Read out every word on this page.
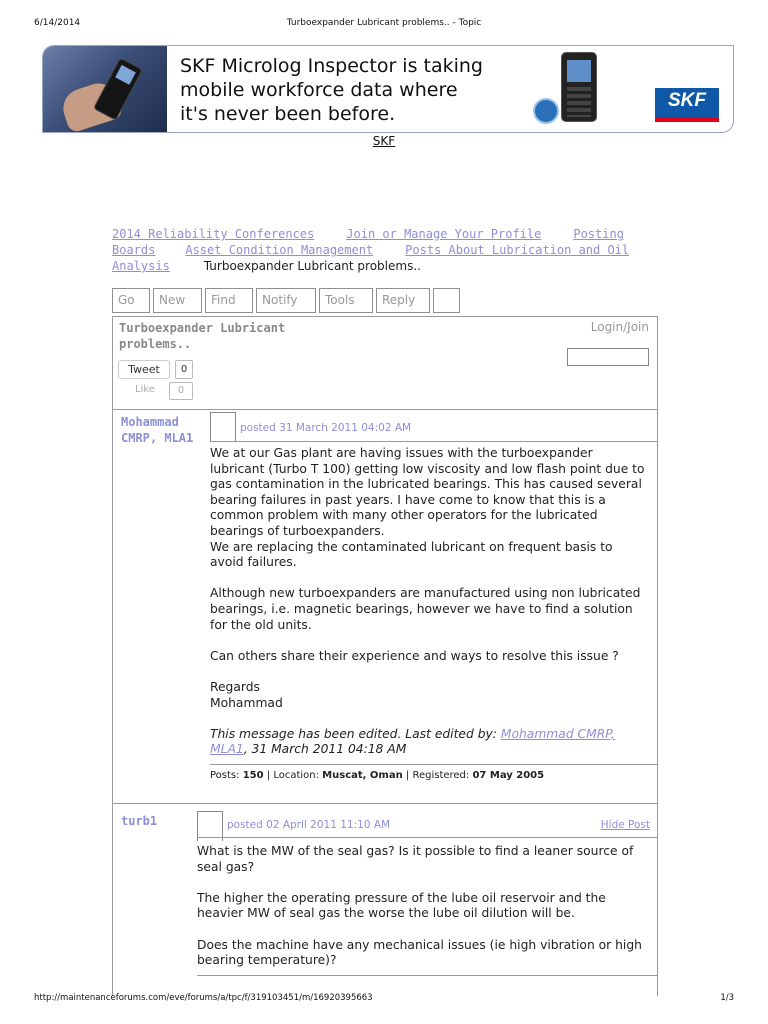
6/14/2014	Turboexpander Lubricant problems.. - Topic
SKF Microlog Inspector is taking mobile workforce data where it's never been before.
SKF
SKF
2014 Reliability Conferences	Join or Manage Your Profile	Posting Boards Asset Condition Management	Posts About Lubrication and Oil Analysis	Turboexpander Lubricant problems..
Go	New	Find	Notify	Tools	Reply
Turboexpander Lubricant problems..
Login/Join
Tweet	0
Like	0
Mohammad CMRP, MLA1
posted 31 March 2011 04:02 AM

We at our Gas plant are having issues with the turboexpander lubricant (Turbo T 100) getting low viscosity and low flash point due to gas contamination in the lubricated bearings. This has caused several bearing failures in past years. I have come to know that this is a common problem with many other operators for the lubricated bearings of turboexpanders.

We are replacing the contaminated lubricant on frequent basis to avoid failures.

Although new turboexpanders are manufactured using non lubricated bearings, i.e. magnetic bearings, however we have to find a solution for the old units.

Can others share their experience and ways to resolve this issue ?

Regards

Mohammad

This message has been edited. Last edited by: Mohammad CMRP, MLA1, 31 March 2011 04:18 AM

Posts: 150 | Location: Muscat, Oman | Registered: 07 May 2005
turb1	posted 02 April 2011 11:10 AM	Hide Post

What is the MW of the seal gas? Is it possible to find a leaner source of seal gas?

The higher the operating pressure of the lube oil reservoir and the heavier MW of seal gas the worse the lube oil dilution will be.

Does the machine have any mechanical issues (ie high vibration or high bearing temperature)?

http://maintenanceforums.com/eve/forums/a/tpc/f/319103451/m/16920395663	1/3
